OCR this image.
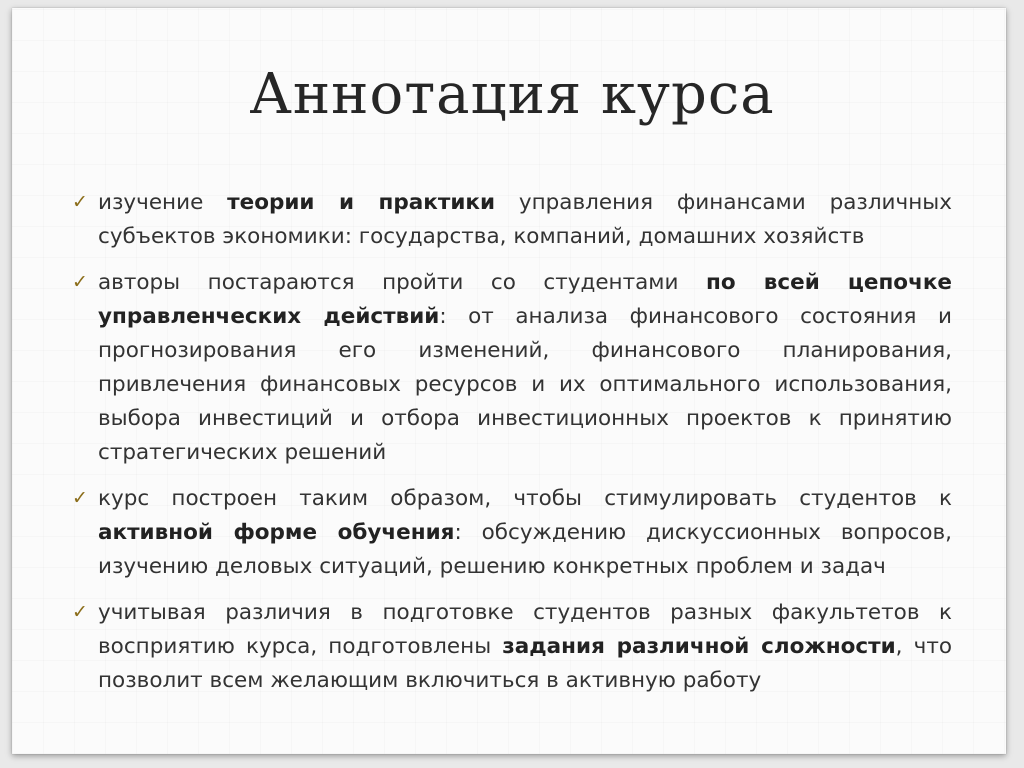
Аннотация курса
✓ изучение теории и практики управления финансами различных субъектов экономики: государства, компаний, домашних хозяйств
✓ авторы постараются пройти со студентами по всей цепочке управленческих действий: от анализа финансового состояния и прогнозирования его изменений, финансового планирования, привлечения финансовых ресурсов и их оптимального использования, выбора инвестиций и отбора инвестиционных проектов к принятию стратегических решений
✓ курс построен таким образом, чтобы стимулировать студентов к активной форме обучения: обсуждению дискуссионных вопросов, изучению деловых ситуаций, решению конкретных проблем и задач
✓ учитывая различия в подготовке студентов разных факультетов к восприятию курса, подготовлены задания различной сложности, что позволит всем желающим включиться в активную работу
